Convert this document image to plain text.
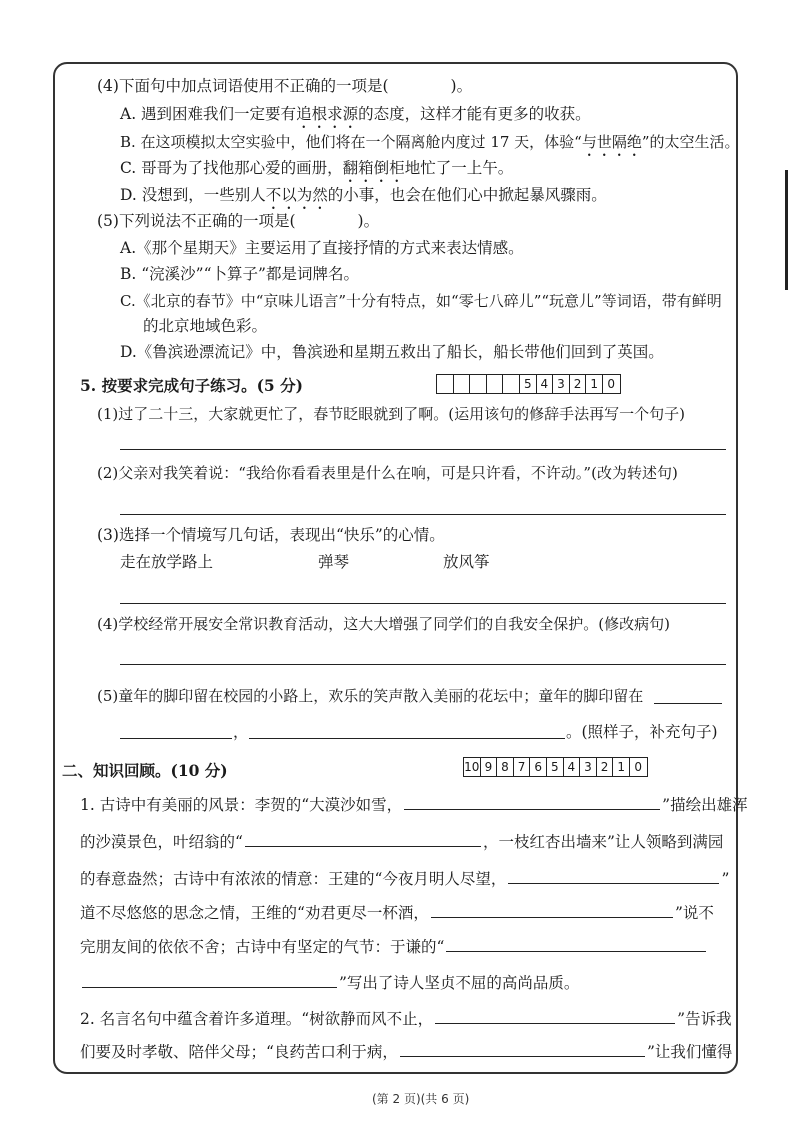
(4)下面句中加点词语使用不正确的一项是(	)。
A. 遇到困难我们一定要有追根求源的态度，这样才能有更多的收获。
B. 在这项模拟太空实验中，他们将在一个隔离舱内度过 17 天，体验“与世隔绝”的太空生活。
C. 哥哥为了找他那心爱的画册，翻箱倒柜地忙了一上午。
D. 没想到，一些别人不以为然的小事，也会在他们心中掀起暴风骤雨。
(5)下列说法不正确的一项是(	)。
A.《那个星期天》主要运用了直接抒情的方式来表达情感。
B. “浣溪沙”“卜算子”都是词牌名。
C.《北京的春节》中“京味儿语言”十分有特点，如“零七八碎儿”“玩意儿”等词语，带有鲜明
的北京地域色彩。
D.《鲁滨逊漂流记》中，鲁滨逊和星期五救出了船长，船长带他们回到了英国。
5. 按要求完成句子练习。(5 分)	5 4 3 2 1 0
(1)过了二十三，大家就更忙了，春节眨眼就到了啊。(运用该句的修辞手法再写一个句子)
(2)父亲对我笑着说：“我给你看看表里是什么在响，可是只许看，不许动。”(改为转述句)
(3)选择一个情境写几句话，表现出“快乐”的心情。
走在放学路上	弹琴	放风筝
(4)学校经常开展安全常识教育活动，这大大增强了同学们的自我安全保护。(修改病句)
(5)童年的脚印留在校园的小路上，欢乐的笑声散入美丽的花坛中；童年的脚印留在
，	。(照样子，补充句子)
二、知识回顾。(10 分)	10 9 8 7 6 5 4 3 2 1 0
1. 古诗中有美丽的风景：李贺的“大漠沙如雪，	”描绘出雄浑
的沙漠景色，叶绍翁的“	，一枝红杏出墙来”让人领略到满园
的春意盎然；古诗中有浓浓的情意：王建的“今夜月明人尽望，	”
道不尽悠悠的思念之情，王维的“劝君更尽一杯酒，	”说不
完朋友间的依依不舍；古诗中有坚定的气节：于谦的“
”写出了诗人坚贞不屈的高尚品质。
2. 名言名句中蕴含着许多道理。“树欲静而风不止，	”告诉我
们要及时孝敬、陪伴父母；“良药苦口利于病，	”让我们懂得
(第 2 页)(共 6 页)
